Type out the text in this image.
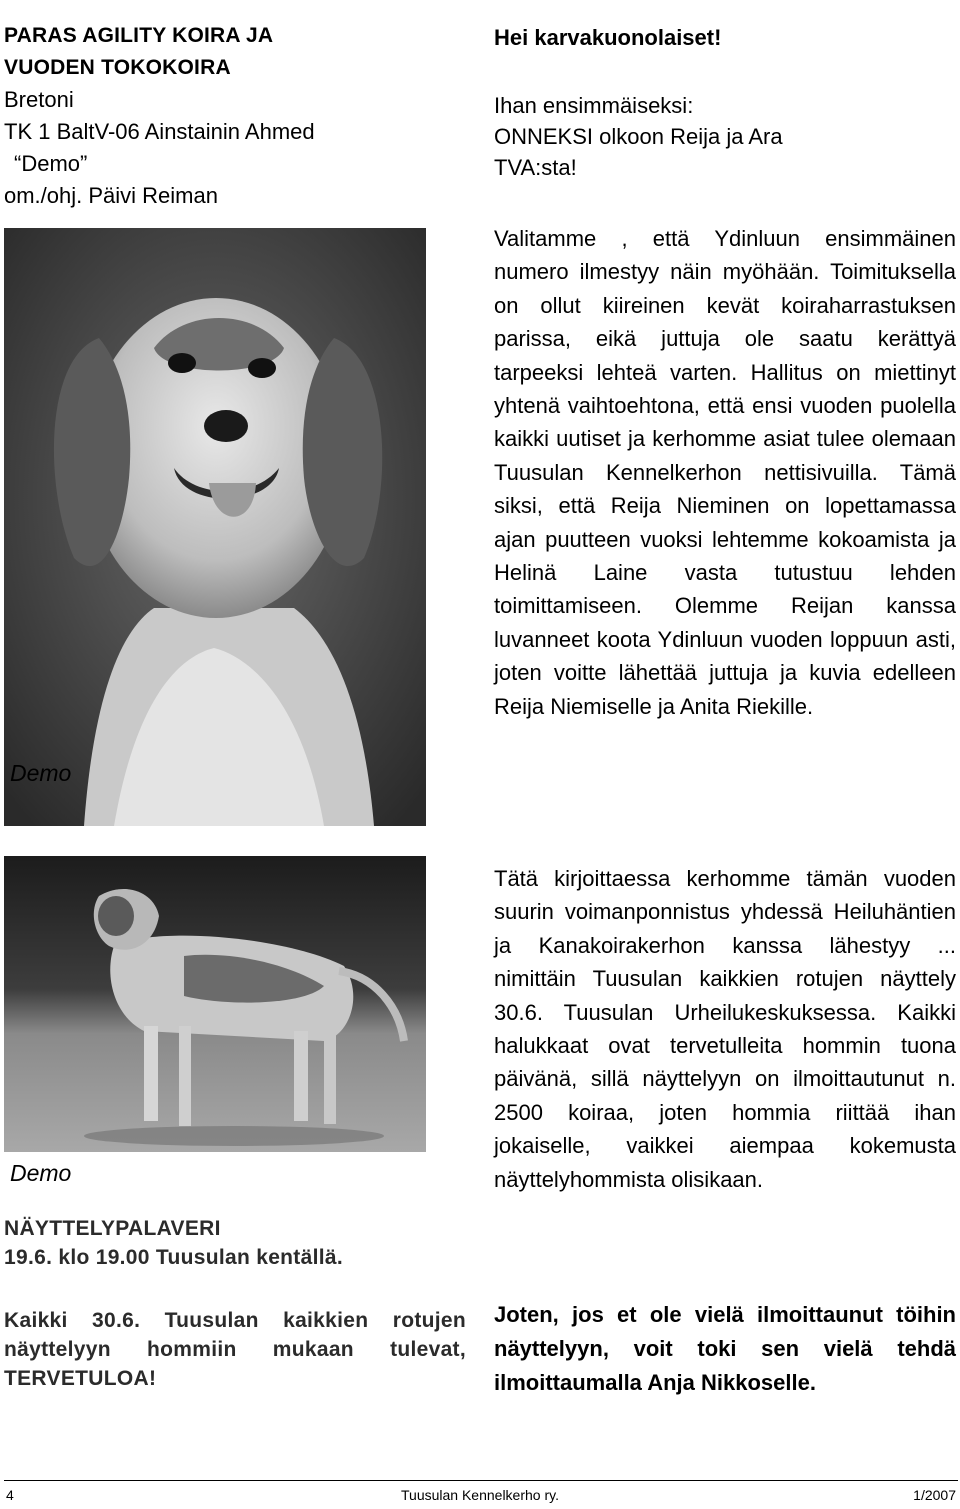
PARAS AGILITY KOIRA JA
VUODEN TOKOKOIRA
Bretoni
TK 1 BaltV-06 Ainstainin Ahmed
“Demo”
om./ohj. Päivi Reiman
Demo
Demo
NÄYTTELYPALAVERI
19.6. klo 19.00 Tuusulan kentällä.
Kaikki 30.6. Tuusulan kaikkien rotujen näyttelyyn hommiin mukaan tulevat, TERVETULOA!
Hei karvakuonolaiset!
Ihan ensimmäiseksi:
ONNEKSI olkoon Reija ja Ara
TVA:sta!
Valitamme , että Ydinluun ensimmäinen numero ilmestyy näin myöhään. Toimituksella on ollut kiireinen kevät koiraharrastuksen parissa, eikä juttuja ole saatu kerättyä tarpeeksi lehteä varten. Hallitus on miettinyt yhtenä vaihtoehtona, että ensi vuoden puolella kaikki uutiset ja kerhomme asiat tulee olemaan Tuusulan Kennelkerhon nettisivuilla. Tämä siksi, että Reija Nieminen on lopettamassa ajan puutteen vuoksi lehtemme kokoamista ja Helinä Laine vasta tutustuu lehden toimittamiseen. Olemme Reijan kanssa luvanneet koota Ydinluun vuoden loppuun asti, joten voitte lähettää juttuja ja kuvia edelleen Reija Niemiselle ja Anita Riekille.
Tätä kirjoittaessa kerhomme tämän vuoden suurin voimanponnistus yhdessä Heiluhäntien ja Kanakoirakerhon kanssa lähestyy ... nimittäin Tuusulan kaikkien rotujen näyttely 30.6. Tuusulan Urheilukeskuksessa. Kaikki halukkaat ovat tervetulleita hommin tuona päivänä, sillä näyttelyyn on ilmoittautunut n. 2500 koiraa, joten hommia riittää ihan jokaiselle, vaikkei aiempaa kokemusta näyttelyhommista olisikaan.
Joten, jos et ole vielä ilmoittaunut töihin näyttelyyn, voit toki sen vielä tehdä ilmoittaumalla Anja Nikkoselle.
4	Tuusulan Kennelkerho ry.	1/2007
